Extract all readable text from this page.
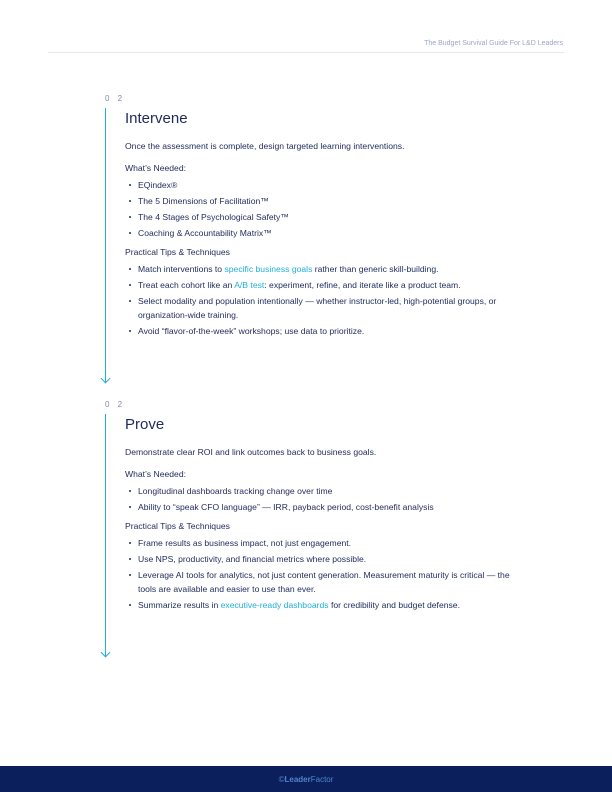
The Budget Survival Guide For L&D Leaders
0 2
Intervene
Once the assessment is complete, design targeted learning interventions.
What’s Needed:
EQindex®
The 5 Dimensions of Facilitation™
The 4 Stages of Psychological Safety™
Coaching & Accountability Matrix™
Practical Tips & Techniques
Match interventions to specific business goals rather than generic skill-building.
Treat each cohort like an A/B test: experiment, refine, and iterate like a product team.
Select modality and population intentionally — whether instructor-led, high-potential groups, or organization-wide training.
Avoid “flavor-of-the-week” workshops; use data to prioritize.
0 2
Prove
Demonstrate clear ROI and link outcomes back to business goals.
What’s Needed:
Longitudinal dashboards tracking change over time
Ability to “speak CFO language” — IRR, payback period, cost-benefit analysis
Practical Tips & Techniques
Frame results as business impact, not just engagement.
Use NPS, productivity, and financial metrics where possible.
Leverage AI tools for analytics, not just content generation. Measurement maturity is critical — the tools are available and easier to use than ever.
Summarize results in executive-ready dashboards for credibility and budget defense.
©LeaderFactor
